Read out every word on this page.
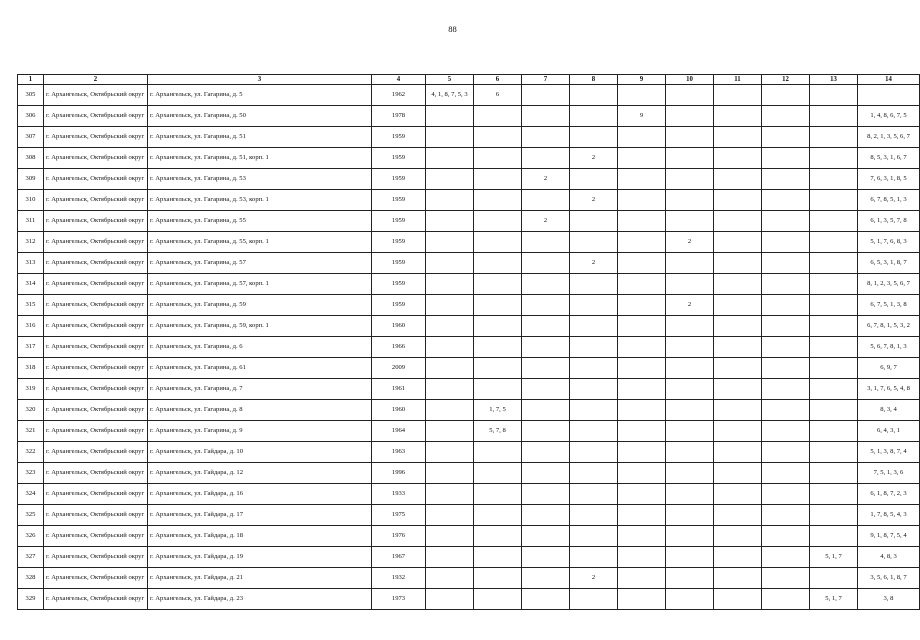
88
1	2	3	4	5	6	7	8	9	10	11	12	13	14
305	г. Архангельск, Октябрьский округ	г. Архангельск, ул. Гагарина, д. 5	1962	4, 1, 8, 7, 5, 3	6								
306	г. Архангельск, Октябрьский округ	г. Архангельск, ул. Гагарина, д. 50	1978					9					1, 4, 8, 6, 7, 5
307	г. Архангельск, Октябрьский округ	г. Архангельск, ул. Гагарина, д. 51	1959										8, 2, 1, 3, 5, 6, 7
308	г. Архангельск, Октябрьский округ	г. Архангельск, ул. Гагарина, д. 51, корп. 1	1959				2						8, 5, 3, 1, 6, 7
309	г. Архангельск, Октябрьский округ	г. Архангельск, ул. Гагарина, д. 53	1959			2							7, 6, 3, 1, 8, 5
310	г. Архангельск, Октябрьский округ	г. Архангельск, ул. Гагарина, д. 53, корп. 1	1959				2						6, 7, 8, 5, 1, 3
311	г. Архангельск, Октябрьский округ	г. Архангельск, ул. Гагарина, д. 55	1959			2							6, 1, 3, 5, 7, 8
312	г. Архангельск, Октябрьский округ	г. Архангельск, ул. Гагарина, д. 55, корп. 1	1959						2				5, 1, 7, 6, 8, 3
313	г. Архангельск, Октябрьский округ	г. Архангельск, ул. Гагарина, д. 57	1959				2						6, 5, 3, 1, 8, 7
314	г. Архангельск, Октябрьский округ	г. Архангельск, ул. Гагарина, д. 57, корп. 1	1959										8, 1, 2, 3, 5, 6, 7
315	г. Архангельск, Октябрьский округ	г. Архангельск, ул. Гагарина, д. 59	1959						2				6, 7, 5, 1, 3, 8
316	г. Архангельск, Октябрьский округ	г. Архангельск, ул. Гагарина, д. 59, корп. 1	1960										6, 7, 8, 1, 5, 3, 2
317	г. Архангельск, Октябрьский округ	г. Архангельск, ул. Гагарина, д. 6	1966										5, 6, 7, 8, 1, 3
318	г. Архангельск, Октябрьский округ	г. Архангельск, ул. Гагарина, д. 61	2009										6, 9, 7
319	г. Архангельск, Октябрьский округ	г. Архангельск, ул. Гагарина, д. 7	1961										3, 1, 7, 6, 5, 4, 8
320	г. Архангельск, Октябрьский округ	г. Архангельск, ул. Гагарина, д. 8	1960		1, 7, 5								8, 3, 4
321	г. Архангельск, Октябрьский округ	г. Архангельск, ул. Гагарина, д. 9	1964		5, 7, 8								6, 4, 3, 1
322	г. Архангельск, Октябрьский округ	г. Архангельск, ул. Гайдара, д. 10	1963										5, 1, 3, 8, 7, 4
323	г. Архангельск, Октябрьский округ	г. Архангельск, ул. Гайдара, д. 12	1996										7, 5, 1, 3, 6
324	г. Архангельск, Октябрьский округ	г. Архангельск, ул. Гайдара, д. 16	1933										6, 1, 8, 7, 2, 3
325	г. Архангельск, Октябрьский округ	г. Архангельск, ул. Гайдара, д. 17	1975										1, 7, 8, 5, 4, 3
326	г. Архангельск, Октябрьский округ	г. Архангельск, ул. Гайдара, д. 18	1976										9, 1, 8, 7, 5, 4
327	г. Архангельск, Октябрьский округ	г. Архангельск, ул. Гайдара, д. 19	1967									5, 1, 7	4, 8, 3
328	г. Архангельск, Октябрьский округ	г. Архангельск, ул. Гайдара, д. 21	1932				2						3, 5, 6, 1, 8, 7
329	г. Архангельск, Октябрьский округ	г. Архангельск, ул. Гайдара, д. 23	1973									5, 1, 7	3, 8
